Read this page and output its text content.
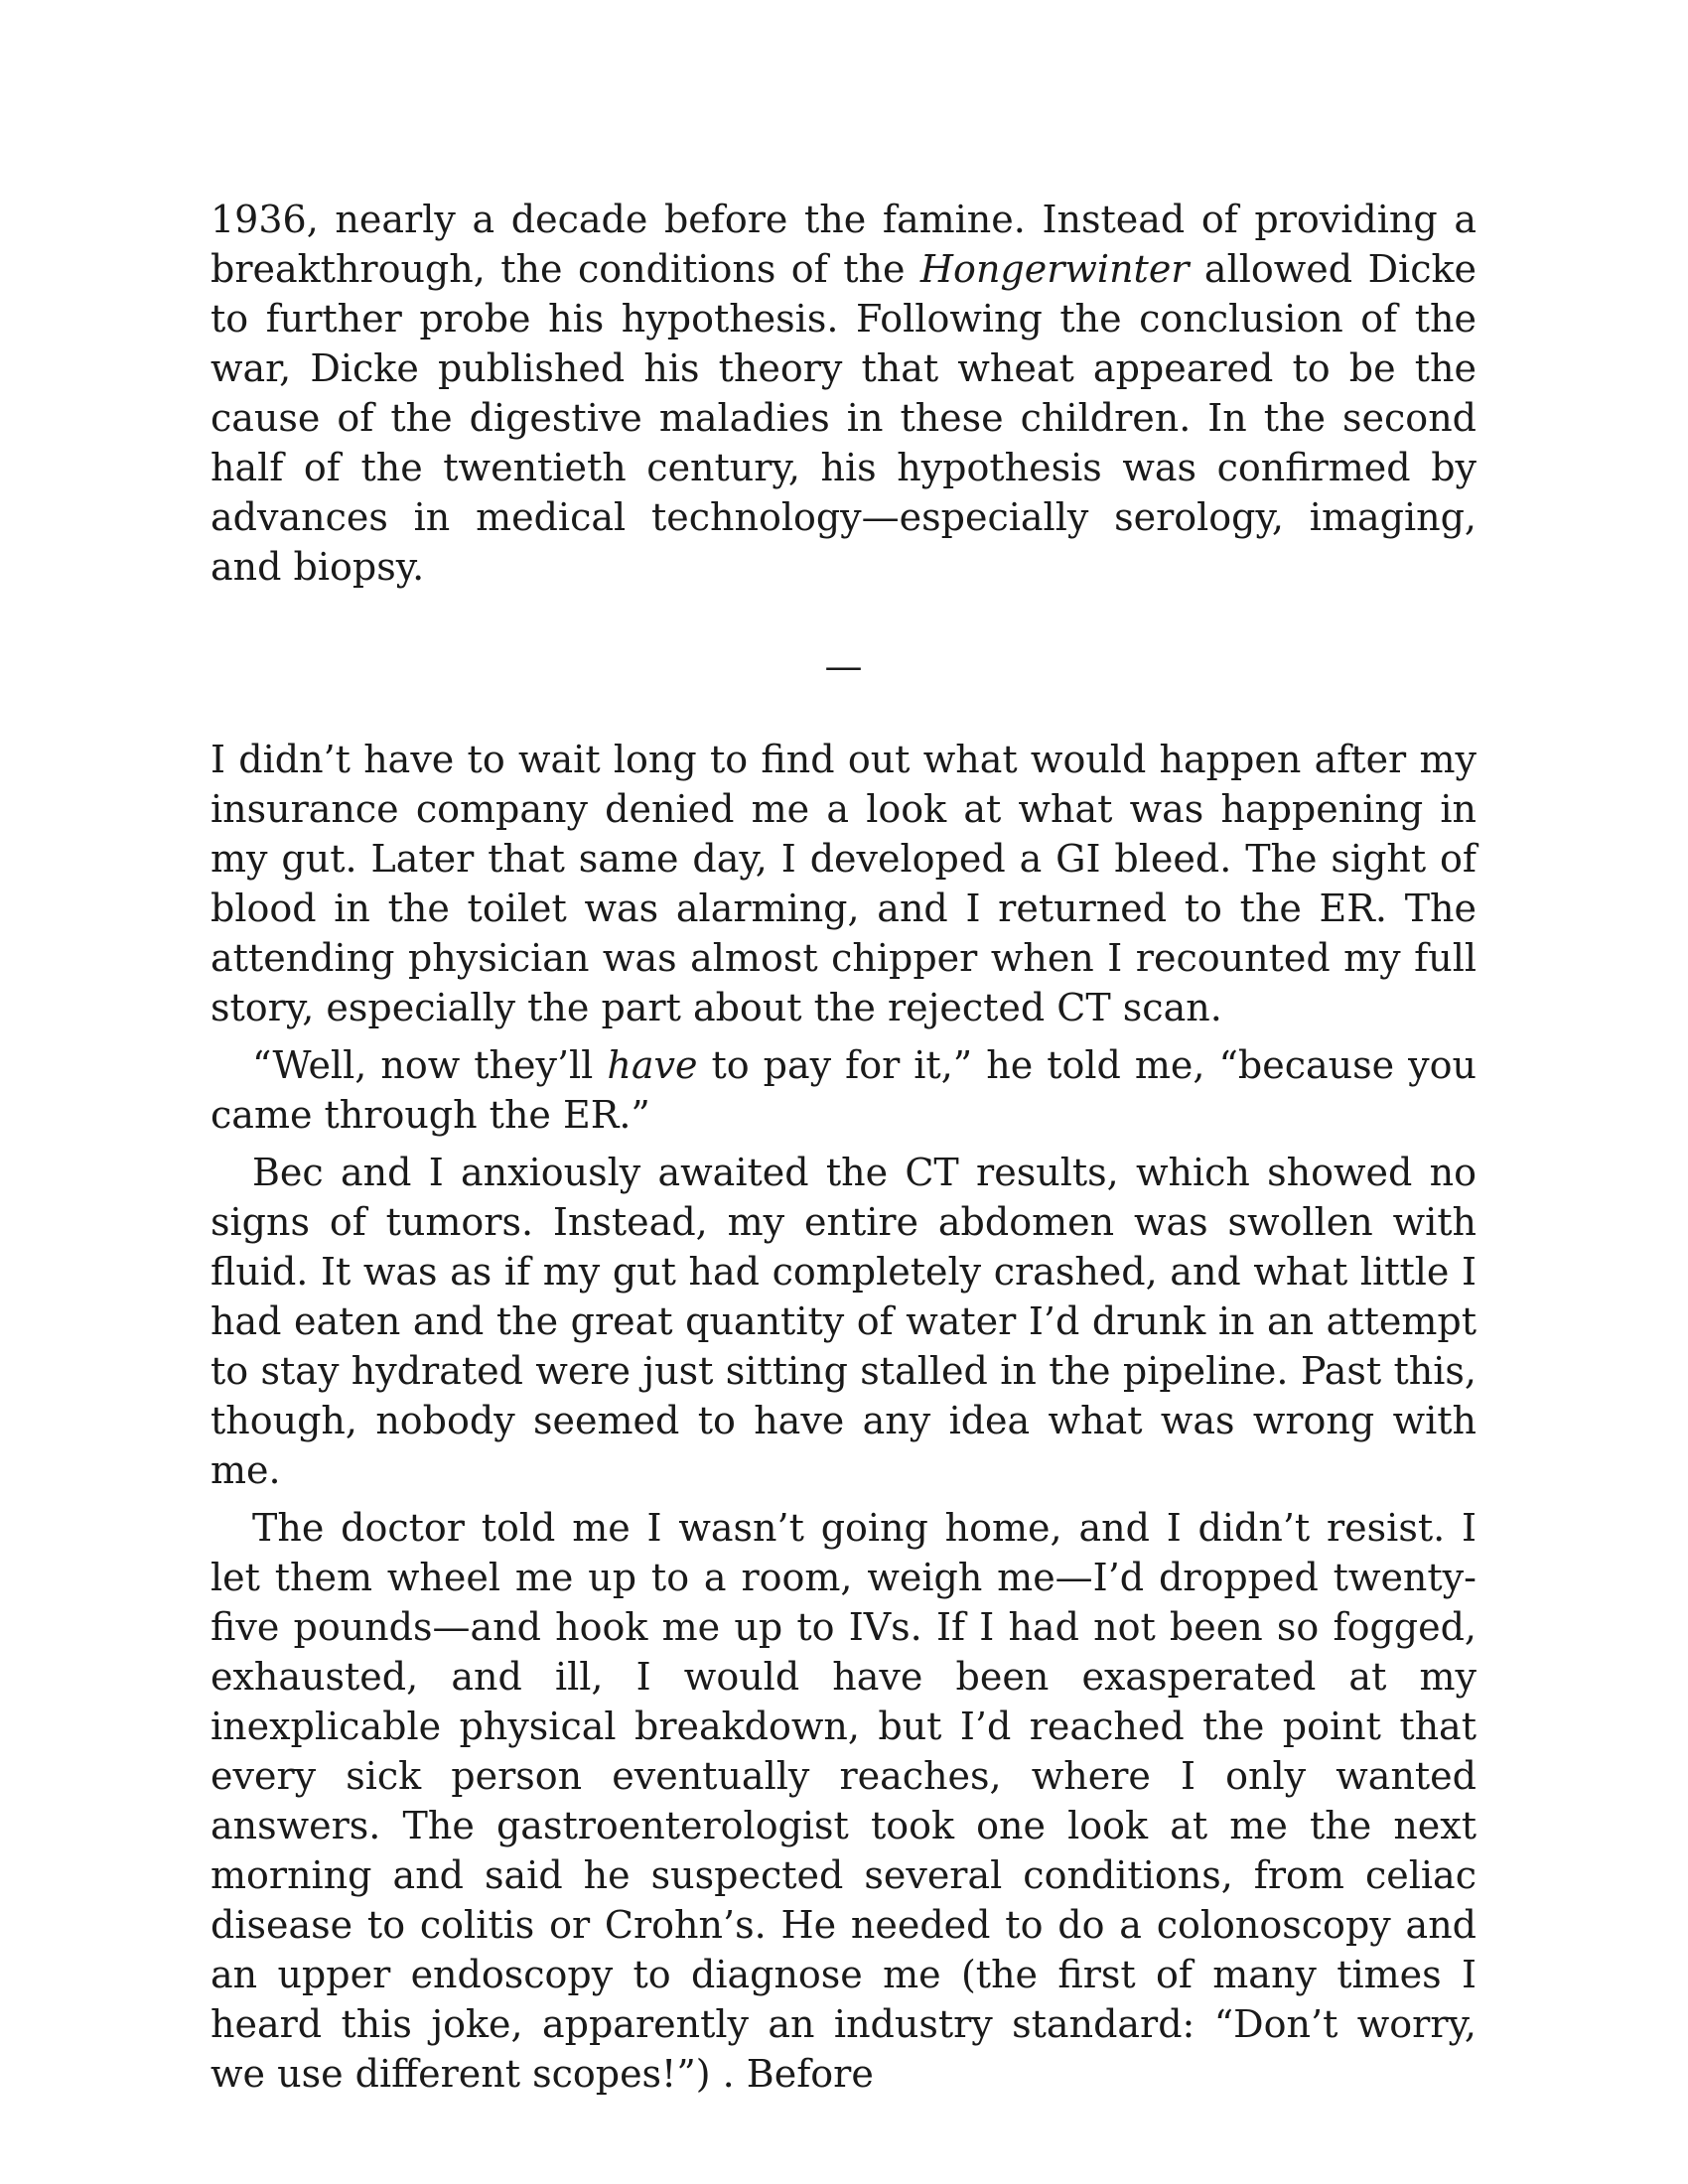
1936, nearly a decade before the famine. Instead of providing a breakthrough, the conditions of the Hongerwinter allowed Dicke to further probe his hypothesis. Following the conclusion of the war, Dicke published his theory that wheat appeared to be the cause of the digestive maladies in these children. In the second half of the twentieth century, his hypothesis was confirmed by advances in medical technology—especially serology, imaging, and biopsy.

—

I didn’t have to wait long to find out what would happen after my insurance company denied me a look at what was happening in my gut. Later that same day, I developed a GI bleed. The sight of blood in the toilet was alarming, and I returned to the ER. The attending physician was almost chipper when I recounted my full story, especially the part about the rejected CT scan.

“Well, now they’ll have to pay for it,” he told me, “because you came through the ER.”

Bec and I anxiously awaited the CT results, which showed no signs of tumors. Instead, my entire abdomen was swollen with fluid. It was as if my gut had completely crashed, and what little I had eaten and the great quantity of water I’d drunk in an attempt to stay hydrated were just sitting stalled in the pipeline. Past this, though, nobody seemed to have any idea what was wrong with me.

The doctor told me I wasn’t going home, and I didn’t resist. I let them wheel me up to a room, weigh me—I’d dropped twenty-five pounds—and hook me up to IVs. If I had not been so fogged, exhausted, and ill, I would have been exasperated at my inexplicable physical breakdown, but I’d reached the point that every sick person eventually reaches, where I only wanted answers. The gastroenterologist took one look at me the next morning and said he suspected several conditions, from celiac disease to colitis or Crohn’s. He needed to do a colonoscopy and an upper endoscopy to diagnose me (the first of many times I heard this joke, apparently an industry standard: “Don’t worry, we use different scopes!”) . Before
